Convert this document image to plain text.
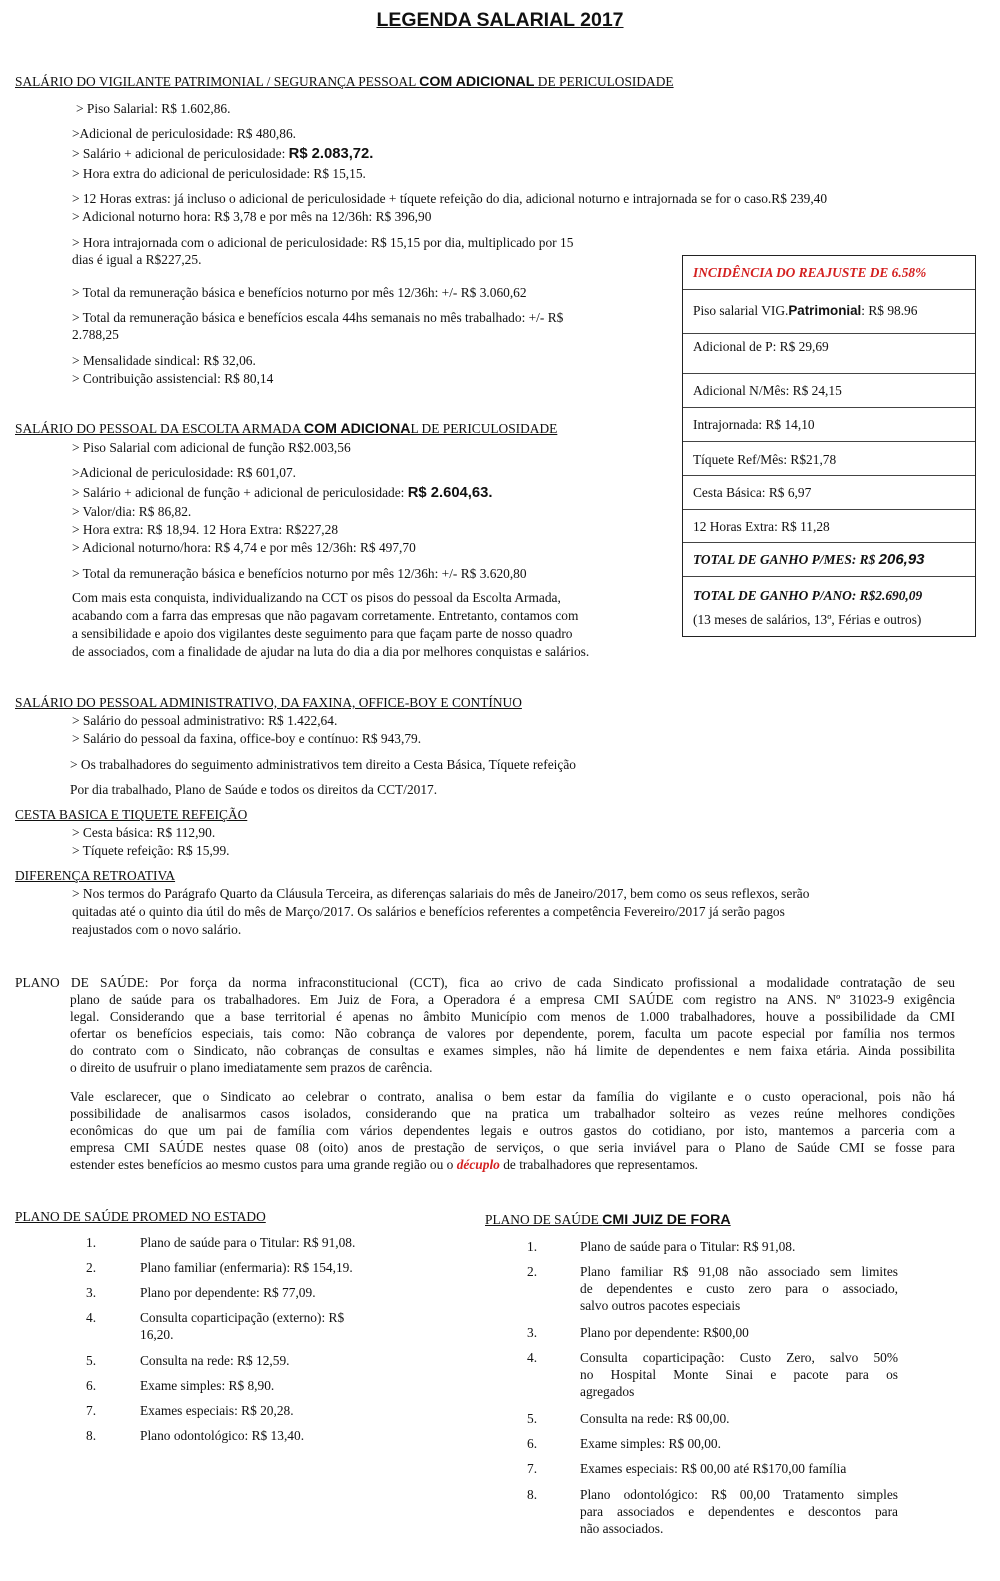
LEGENDA SALARIAL 2017
SALÁRIO DO VIGILANTE PATRIMONIAL / SEGURANÇA PESSOAL COM ADICIONAL DE PERICULOSIDADE
> Piso Salarial: R$ 1.602,86.
>Adicional de periculosidade: R$ 480,86.
> Salário + adicional de periculosidade: R$ 2.083,72.
> Hora extra do adicional de periculosidade: R$ 15,15.
> 12 Horas extras: já incluso o adicional de periculosidade + tíquete refeição do dia, adicional noturno e intrajornada se for o caso.R$ 239,40
> Adicional noturno hora: R$ 3,78 e por mês na 12/36h: R$ 396,90
> Hora intrajornada com o adicional de periculosidade: R$ 15,15 por dia, multiplicado por 15
dias é igual a R$227,25.
> Total da remuneração básica e benefícios noturno por mês 12/36h: +/- R$ 3.060,62
> Total da remuneração básica e benefícios escala 44hs semanais no mês trabalhado: +/- R$
2.788,25
> Mensalidade sindical: R$ 32,06.
> Contribuição assistencial: R$ 80,14
INCIDÊNCIA DO REAJUSTE DE 6.58%
Piso salarial VIG.Patrimonial: R$ 98.96
Adicional de P: R$ 29,69
Adicional N/Mês: R$ 24,15
Intrajornada: R$ 14,10
Tíquete Ref/Mês: R$21,78
Cesta Básica: R$ 6,97
12 Horas Extra: R$ 11,28
TOTAL DE GANHO P/MES: R$ 206,93
TOTAL DE GANHO P/ANO: R$2.690,09
(13 meses de salários, 13º, Férias e outros)
SALÁRIO DO PESSOAL DA ESCOLTA ARMADA COM ADICIONAL DE PERICULOSIDADE
> Piso Salarial com adicional de função R$2.003,56
>Adicional de periculosidade: R$ 601,07.
> Salário + adicional de função + adicional de periculosidade: R$ 2.604,63.
> Valor/dia: R$ 86,82.
> Hora extra: R$ 18,94. 12 Hora Extra: R$227,28
> Adicional noturno/hora: R$ 4,74 e por mês 12/36h: R$ 497,70
> Total da remuneração básica e benefícios noturno por mês 12/36h: +/- R$ 3.620,80
Com mais esta conquista, individualizando na CCT os pisos do pessoal da Escolta Armada,
acabando com a farra das empresas que não pagavam corretamente. Entretanto, contamos com
a sensibilidade e apoio dos vigilantes deste seguimento para que façam parte de nosso quadro
de associados, com a finalidade de ajudar na luta do dia a dia por melhores conquistas e salários.
SALÁRIO DO PESSOAL ADMINISTRATIVO, DA FAXINA, OFFICE-BOY E CONTÍNUO
> Salário do pessoal administrativo: R$ 1.422,64.
> Salário do pessoal da faxina, office-boy e contínuo: R$ 943,79.
> Os trabalhadores do seguimento administrativos tem direito a Cesta Básica, Tíquete refeição
Por dia trabalhado, Plano de Saúde e todos os direitos da CCT/2017.
CESTA BASICA E TIQUETE REFEIÇÃO
> Cesta básica: R$ 112,90.
> Tíquete refeição: R$ 15,99.
DIFERENÇA RETROATIVA
> Nos termos do Parágrafo Quarto da Cláusula Terceira, as diferenças salariais do mês de Janeiro/2017, bem como os seus reflexos, serão
quitadas até o quinto dia útil do mês de Março/2017. Os salários e benefícios referentes a competência Fevereiro/2017 já serão pagos
reajustados com o novo salário.
PLANO DE SAÚDE: Por força da norma infraconstitucional (CCT), fica ao crivo de cada Sindicato profissional a modalidade contratação de seu
plano de saúde para os trabalhadores. Em Juiz de Fora, a Operadora é a empresa CMI SAÚDE com registro na ANS. Nº 31023-9 exigência
legal. Considerando que a base territorial é apenas no âmbito Município com menos de 1.000 trabalhadores, houve a possibilidade da CMI
ofertar os benefícios especiais, tais como: Não cobrança de valores por dependente, porem, faculta um pacote especial por família nos termos
do contrato com o Sindicato, não cobranças de consultas e exames simples, não há limite de dependentes e nem faixa etária. Ainda possibilita
o direito de usufruir o plano imediatamente sem prazos de carência.
Vale esclarecer, que o Sindicato ao celebrar o contrato, analisa o bem estar da família do vigilante e o custo operacional, pois não há
possibilidade de analisarmos casos isolados, considerando que na pratica um trabalhador solteiro as vezes reúne melhores condições
econômicas do que um pai de família com vários dependentes legais e outros gastos do cotidiano, por isto, mantemos a parceria com a
empresa CMI SAÚDE nestes quase 08 (oito) anos de prestação de serviços, o que seria inviável para o Plano de Saúde CMI se fosse para
estender estes benefícios ao mesmo custos para uma grande região ou o décuplo de trabalhadores que representamos.
PLANO DE SAÚDE PROMED NO ESTADO
1.	Plano de saúde para o Titular: R$ 91,08.
2.	Plano familiar (enfermaria): R$ 154,19.
3.	Plano por dependente: R$ 77,09.
4.	Consulta coparticipação (externo): R$
16,20.
5.	Consulta na rede: R$ 12,59.
6.	Exame simples: R$ 8,90.
7.	Exames especiais: R$ 20,28.
8.	Plano odontológico: R$ 13,40.
PLANO DE SAÚDE CMI JUIZ DE FORA
1.	Plano de saúde para o Titular: R$ 91,08.
2.	Plano familiar R$ 91,08 não associado sem limites
de dependentes e custo zero para o associado,
salvo outros pacotes especiais
3.	Plano por dependente: R$00,00
4.	Consulta coparticipação: Custo Zero, salvo 50%
no Hospital Monte Sinai e pacote para os
agregados
5.	Consulta na rede: R$ 00,00.
6.	Exame simples: R$ 00,00.
7.	Exames especiais: R$ 00,00 até R$170,00 família
8.	Plano odontológico: R$ 00,00 Tratamento simples
para associados e dependentes e descontos para
não associados.
